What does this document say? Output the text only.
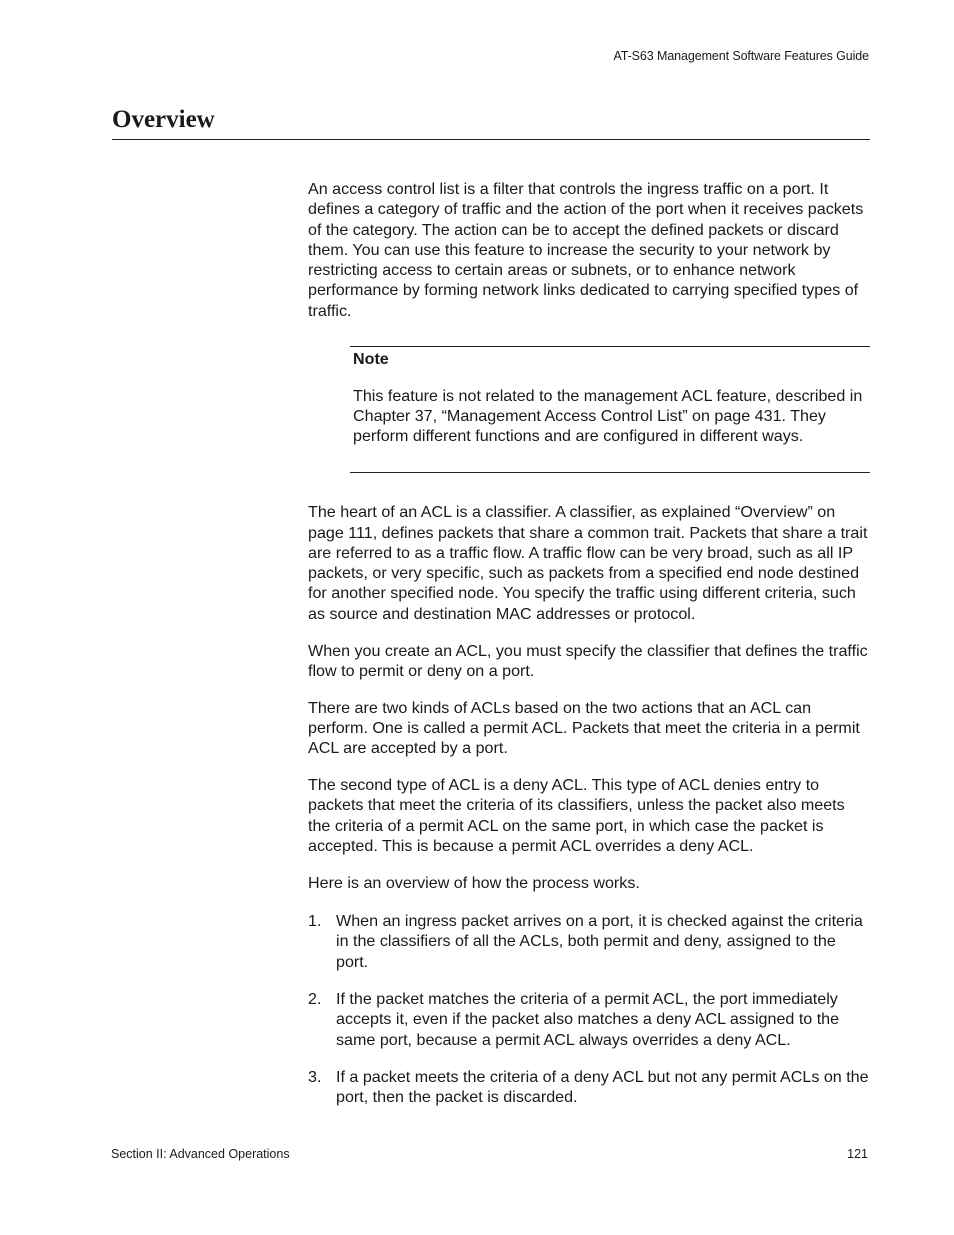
AT-S63 Management Software Features Guide
Overview

An access control list is a filter that controls the ingress traffic on a port. It defines a category of traffic and the action of the port when it receives packets of the category. The action can be to accept the defined packets or discard them. You can use this feature to increase the security to your network by restricting access to certain areas or subnets, or to enhance network performance by forming network links dedicated to carrying specified types of traffic.

Note

This feature is not related to the management ACL feature, described in Chapter 37, “Management Access Control List” on page 431. They perform different functions and are configured in different ways.

The heart of an ACL is a classifier. A classifier, as explained “Overview” on page 111, defines packets that share a common trait. Packets that share a trait are referred to as a traffic flow. A traffic flow can be very broad, such as all IP packets, or very specific, such as packets from a specified end node destined for another specified node. You specify the traffic using different criteria, such as source and destination MAC addresses or protocol.

When you create an ACL, you must specify the classifier that defines the traffic flow to permit or deny on a port.

There are two kinds of ACLs based on the two actions that an ACL can perform. One is called a permit ACL. Packets that meet the criteria in a permit ACL are accepted by a port.

The second type of ACL is a deny ACL. This type of ACL denies entry to packets that meet the criteria of its classifiers, unless the packet also meets the criteria of a permit ACL on the same port, in which case the packet is accepted. This is because a permit ACL overrides a deny ACL.

Here is an overview of how the process works.

1. When an ingress packet arrives on a port, it is checked against the criteria in the classifiers of all the ACLs, both permit and deny, assigned to the port.
2. If the packet matches the criteria of a permit ACL, the port immediately accepts it, even if the packet also matches a deny ACL assigned to the same port, because a permit ACL always overrides a deny ACL.
3. If a packet meets the criteria of a deny ACL but not any permit ACLs on the port, then the packet is discarded.
Section II: Advanced Operations	121
